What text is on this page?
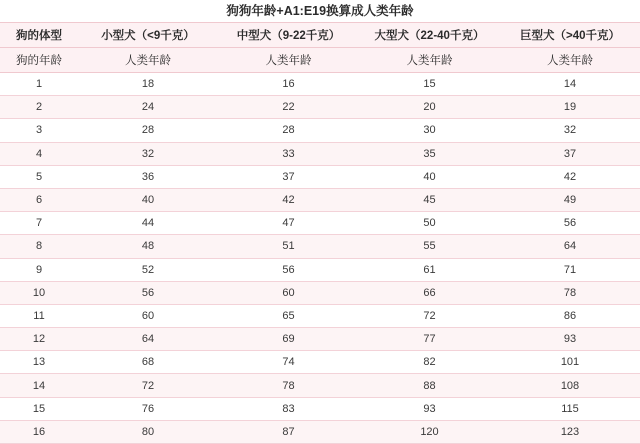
狗狗年龄+A1:E19换算成人类年龄
狗的体型	小型犬（<9千克）	中型犬（9-22千克）	大型犬（22-40千克）	巨型犬（>40千克）
狗的年龄	人类年龄	人类年龄	人类年龄	人类年龄
1	18	16	15	14
2	24	22	20	19
3	28	28	30	32
4	32	33	35	37
5	36	37	40	42
6	40	42	45	49
7	44	47	50	56
8	48	51	55	64
9	52	56	61	71
10	56	60	66	78
11	60	65	72	86
12	64	69	77	93
13	68	74	82	101
14	72	78	88	108
15	76	83	93	115
16	80	87	120	123
